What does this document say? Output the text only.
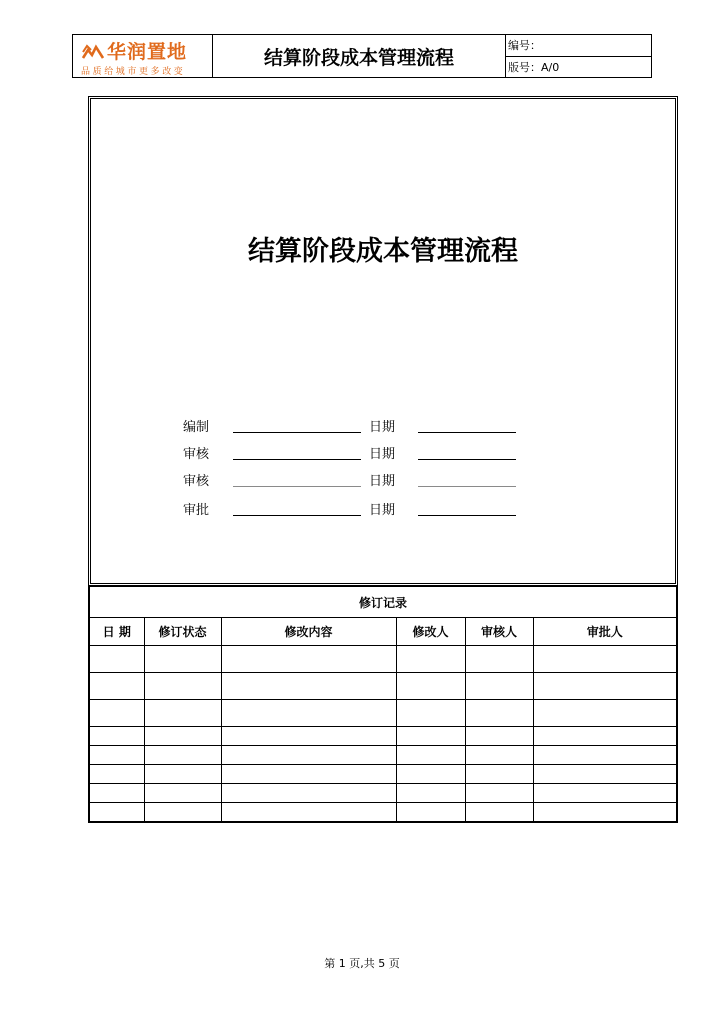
华润置地
品质给城市更多改变
结算阶段成本管理流程
编号：
版号：A/0
结算阶段成本管理流程
编制	日期
审核	日期
审核	日期
审批	日期
修订记录					
日 期	修订状态	修改内容	修改人	审核人	审批人

第 1 页,共 5 页
